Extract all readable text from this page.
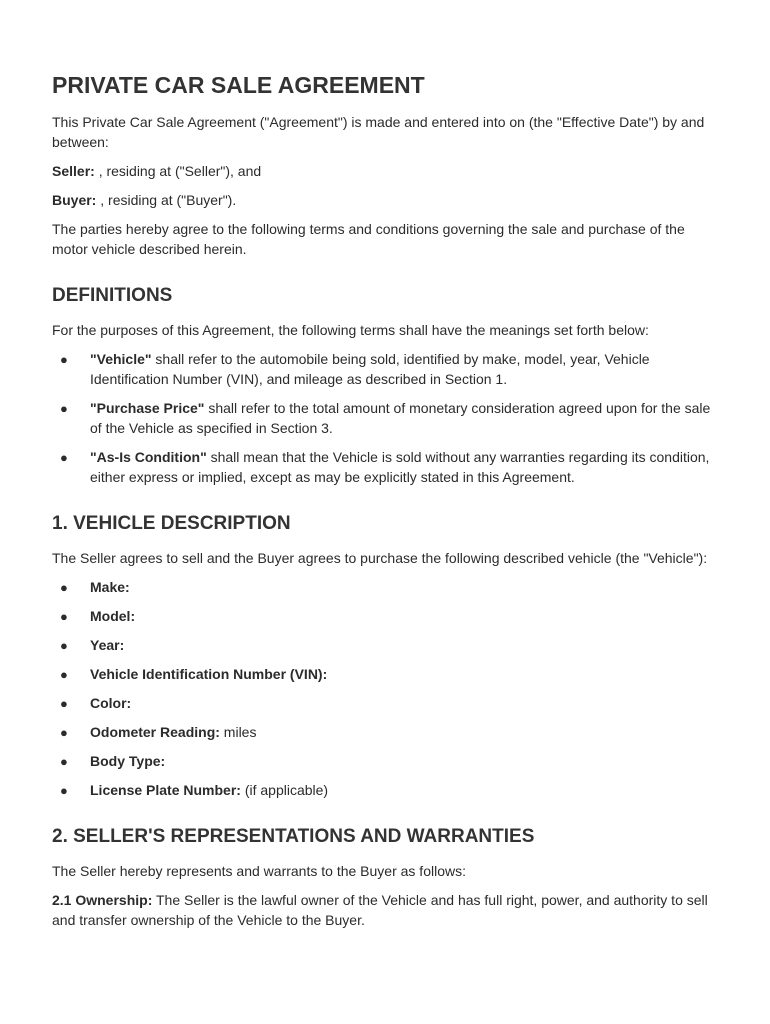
PRIVATE CAR SALE AGREEMENT

This Private Car Sale Agreement ("Agreement") is made and entered into on (the "Effective Date") by and between:

Seller: , residing at ("Seller"), and

Buyer: , residing at ("Buyer").

The parties hereby agree to the following terms and conditions governing the sale and purchase of the motor vehicle described herein.

DEFINITIONS

For the purposes of this Agreement, the following terms shall have the meanings set forth below:

● "Vehicle" shall refer to the automobile being sold, identified by make, model, year, Vehicle Identification Number (VIN), and mileage as described in Section 1.
● "Purchase Price" shall refer to the total amount of monetary consideration agreed upon for the sale of the Vehicle as specified in Section 3.
● "As-Is Condition" shall mean that the Vehicle is sold without any warranties regarding its condition, either express or implied, except as may be explicitly stated in this Agreement.
1. VEHICLE DESCRIPTION

The Seller agrees to sell and the Buyer agrees to purchase the following described vehicle (the "Vehicle"):

● Make:
● Model:
● Year:
● Vehicle Identification Number (VIN):
● Color:
● Odometer Reading: miles
● Body Type:
● License Plate Number: (if applicable)
2. SELLER'S REPRESENTATIONS AND WARRANTIES

The Seller hereby represents and warrants to the Buyer as follows:

2.1 Ownership: The Seller is the lawful owner of the Vehicle and has full right, power, and authority to sell and transfer ownership of the Vehicle to the Buyer.
